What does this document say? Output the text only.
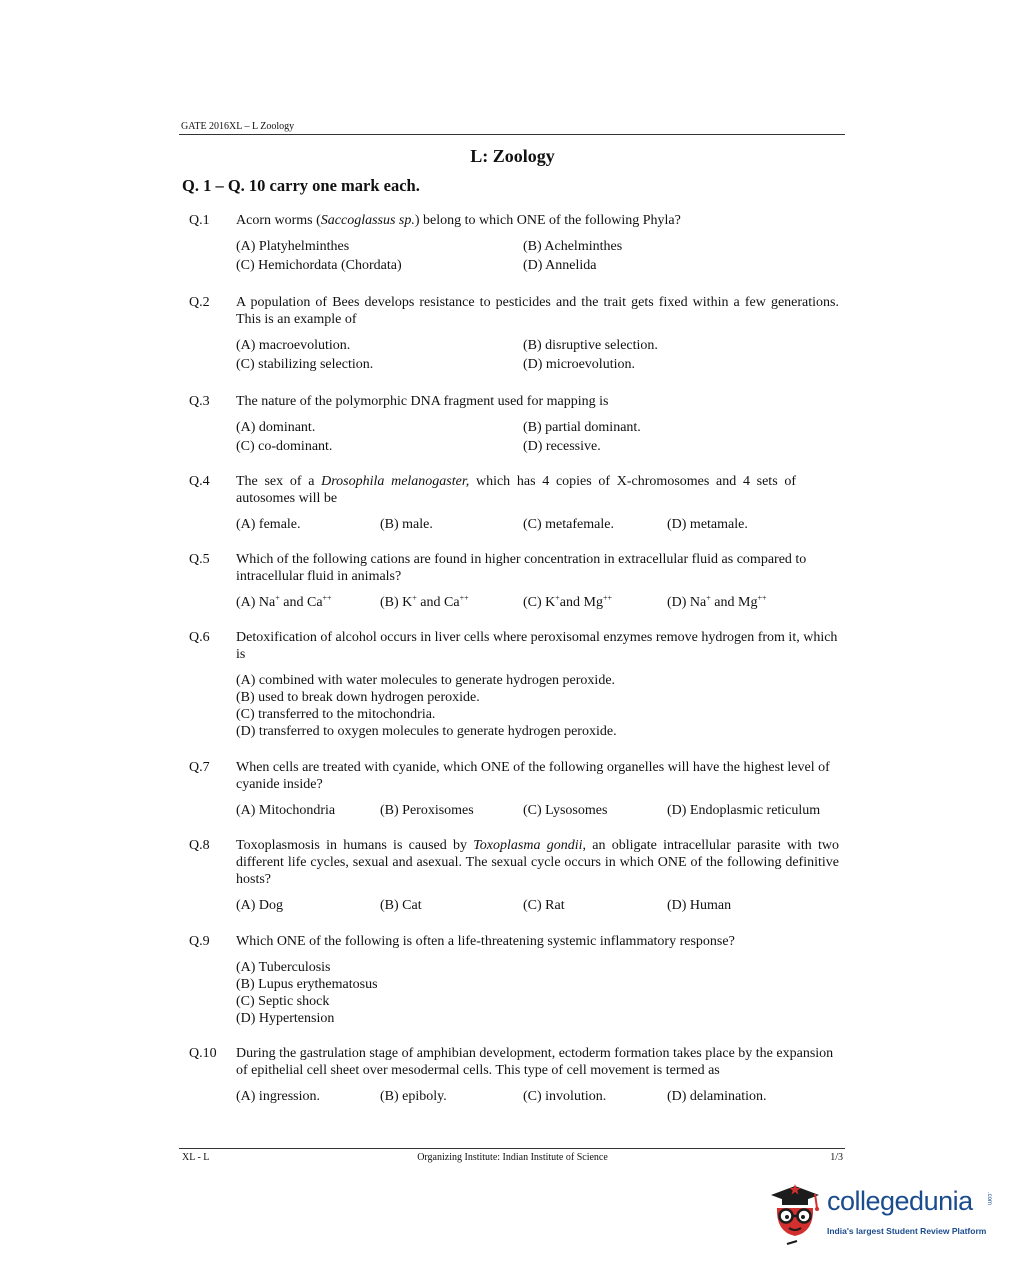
GATE 2016XL – L Zoology
L: Zoology
Q. 1 – Q. 10 carry one mark each.
Q.1 Acorn worms (Saccoglassus sp.) belong to which ONE of the following Phyla?
(A) Platyhelminthes	(B) Achelminthes
(C) Hemichordata (Chordata)	(D) Annelida
Q.2 A population of Bees develops resistance to pesticides and the trait gets fixed within a few generations. This is an example of
(A) macroevolution.	(B) disruptive selection.
(C) stabilizing selection.	(D) microevolution.
Q.3 The nature of the polymorphic DNA fragment used for mapping is
(A) dominant.	(B) partial dominant.
(C) co-dominant.	(D) recessive.
Q.4 The sex of a Drosophila melanogaster, which has 4 copies of X-chromosomes and 4 sets of autosomes will be
(A) female.	(B) male.	(C) metafemale.	(D) metamale.
Q.5 Which of the following cations are found in higher concentration in extracellular fluid as compared to intracellular fluid in animals?
(A) Na+ and Ca++	(B) K+ and Ca++	(C) K+and Mg++	(D) Na+ and Mg++
Q.6 Detoxification of alcohol occurs in liver cells where peroxisomal enzymes remove hydrogen from it, which is
(A) combined with water molecules to generate hydrogen peroxide.
(B) used to break down hydrogen peroxide.
(C) transferred to the mitochondria.
(D) transferred to oxygen molecules to generate hydrogen peroxide.
Q.7 When cells are treated with cyanide, which ONE of the following organelles will have the highest level of cyanide inside?
(A) Mitochondria	(B) Peroxisomes	(C) Lysosomes	(D) Endoplasmic reticulum
Q.8 Toxoplasmosis in humans is caused by Toxoplasma gondii, an obligate intracellular parasite with two different life cycles, sexual and asexual. The sexual cycle occurs in which ONE of the following definitive hosts?
(A) Dog	(B) Cat	(C) Rat	(D) Human
Q.9 Which ONE of the following is often a life-threatening systemic inflammatory response?
(A) Tuberculosis
(B) Lupus erythematosus
(C) Septic shock
(D) Hypertension
Q.10 During the gastrulation stage of amphibian development, ectoderm formation takes place by the expansion of epithelial cell sheet over mesodermal cells. This type of cell movement is termed as
(A) ingression.	(B) epiboly.	(C) involution.	(D) delamination.
XL - L	Organizing Institute: Indian Institute of Science	1/3
collegedunia .com
India's largest Student Review Platform
